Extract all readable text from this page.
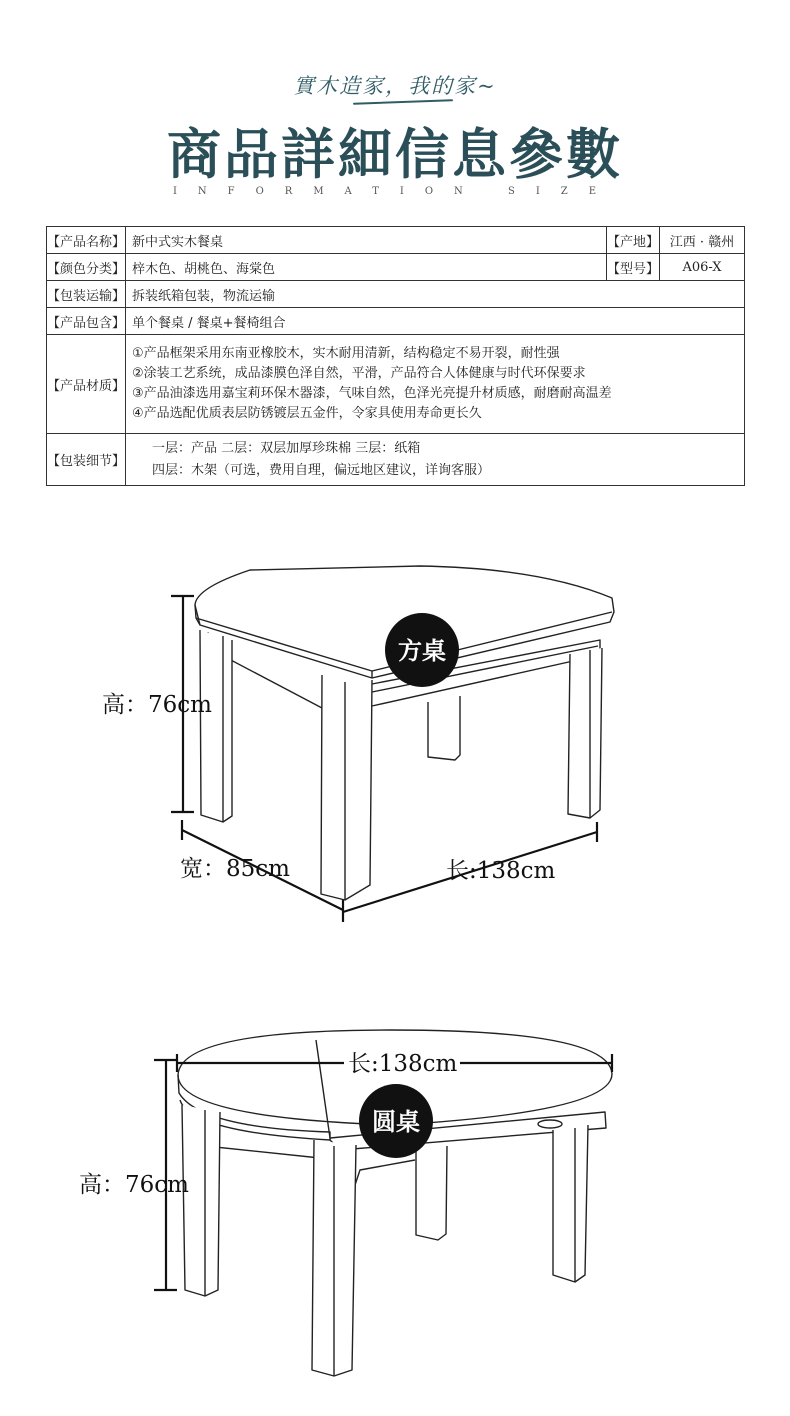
實木造家，我的家~
商品詳細信息參數
INFORMATION SIZE
【产品名称】	新中式实木餐桌	【产地】	江西 · 赣州
【颜色分类】	梓木色、胡桃色、海棠色	【型号】	A06-X
【包装运输】	拆装纸箱包装，物流运输		
【产品包含】	单个餐桌 / 餐桌+餐椅组合		
【产品材质】	①产品框架采用东南亚橡胶木，实木耐用清新，结构稳定不易开裂，耐性强
②涂装工艺系统，成品漆膜色泽自然，平滑，产品符合人体健康与时代环保要求
③产品油漆选用嘉宝莉环保木器漆，气味自然，色泽光亮提升材质感，耐磨耐高温差
④产品选配优质表层防锈镀层五金件，令家具使用寿命更长久		

【包装细节】	一层：产品 二层：双层加厚珍珠棉 三层：纸箱
四层：木架（可选，费用自理，偏远地区建议，详询客服）		
方桌
高：76cm
宽：85cm	长:138cm
长:138cm
圆桌
高：76cm
